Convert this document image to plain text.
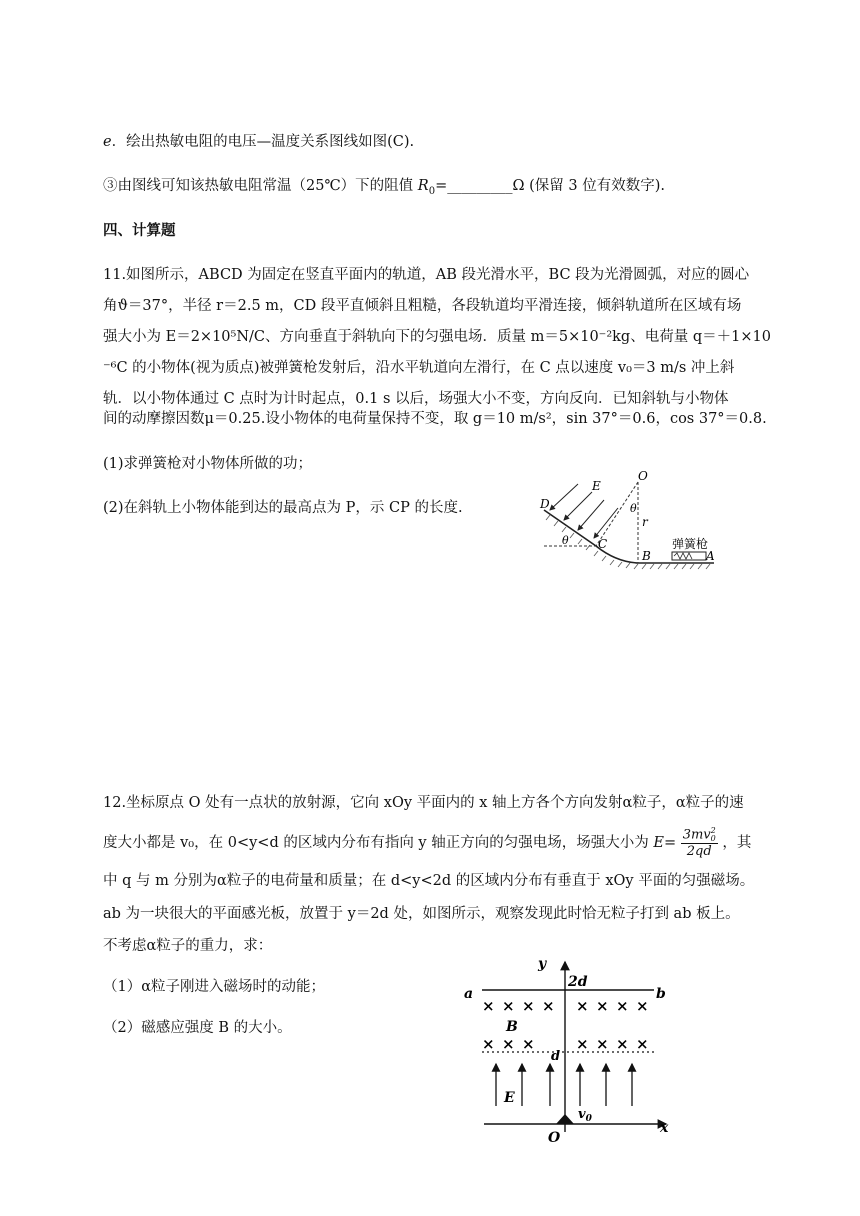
e．绘出热敏电阻的电压—温度关系图线如图(C).
③由图线可知该热敏电阻常温（25℃）下的阻值 $R_0=\_\_\_\_\_\_\_\_\_\Omega$ (保留 3 位有效数字).
四、计算题
11.如图所示，ABCD 为固定在竖直平面内的轨道，AB 段光滑水平，BC 段为光滑圆弧，对应的圆心
角ϑ＝37°，半径 r＝2.5 m，CD 段平直倾斜且粗糙，各段轨道均平滑连接，倾斜轨道所在区域有场
强大小为 E＝2×10⁵N/C、方向垂直于斜轨向下的匀强电场．质量 m＝5×10⁻²kg、电荷量 q＝＋1×10
⁻⁶C 的小物体(视为质点)被弹簧枪发射后，沿水平轨道向左滑行，在 C 点以速度 v₀＝3 m/s 冲上斜
轨．以小物体通过 C 点时为计时起点，0.1 s 以后，场强大小不变，方向反向．已知斜轨与小物体
间的动摩擦因数μ＝0.25.设小物体的电荷量保持不变，取 g＝10 m/s²，sin 37°＝0.6，cos 37°＝0.8.
(1)求弹簧枪对小物体所做的功；
(2)在斜轨上小物体能到达的最高点为 P，示 CP 的长度.
O
E
D	θ
θ C
r
B	A
弹簧枪
12.坐标原点 O 处有一点状的放射源，它向 xOy 平面内的 x 轴上方各个方向发射α粒子，α粒子的速
度大小都是 v₀，在 0<y<d 的区域内分布有指向 y 轴正方向的匀强电场，场强大小为 E= 3mv 2
0
2qd ，其
中 q 与 m 分别为α粒子的电荷量和质量；在 d<y<2d 的区域内分布有垂直于 xOy 平面的匀强磁场。
ab 为一块很大的平面感光板，放置于 y＝2d 处，如图所示，观察发现此时恰无粒子打到 ab 板上。
不考虑α粒子的重力，求：
（1）α粒子刚进入磁场时的动能；
（2）磁感应强度 B 的大小。
× × × × × × × ×
× × ×	× × × ×
y
2d
a	b
B
d
E
$v_0$
O
x
